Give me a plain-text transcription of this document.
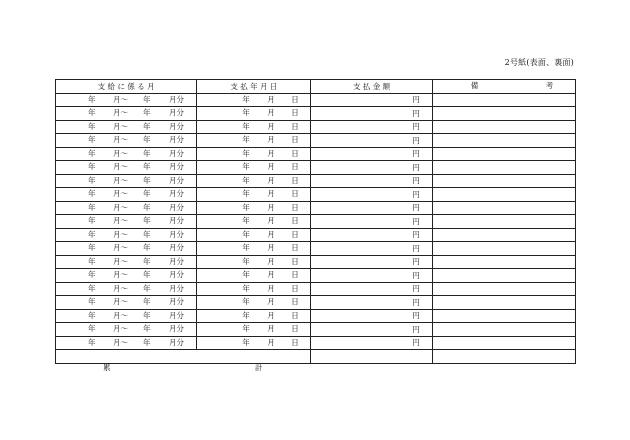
2号紙(表面、裏面)
支 給 に 係 る 月	支 払 年 月 日	支 払 金 額	備 考

年 月〜 年 月分	年 月 日	円	

年 月〜 年 月分	年 月 日	円	

年 月〜 年 月分	年 月 日	円	

年 月〜 年 月分	年 月 日	円	

年 月〜 年 月分	年 月 日	円	

年 月〜 年 月分	年 月 日	円	

年 月〜 年 月分	年 月 日	円	

年 月〜 年 月分	年 月 日	円	

年 月〜 年 月分	年 月 日	円	

年 月〜 年 月分	年 月 日	円	

年 月〜 年 月分	年 月 日	円	

年 月〜 年 月分	年 月 日	円	

年 月〜 年 月分	年 月 日	円	

年 月〜 年 月分	年 月 日	円	

年 月〜 年 月分	年 月 日	円	

年 月〜 年 月分	年 月 日	円	

年 月〜 年 月分	年 月 日	円	

年 月〜 年 月分	年 月 日	円	

年 月〜 年 月分	年 月 日	円	

累 計			
